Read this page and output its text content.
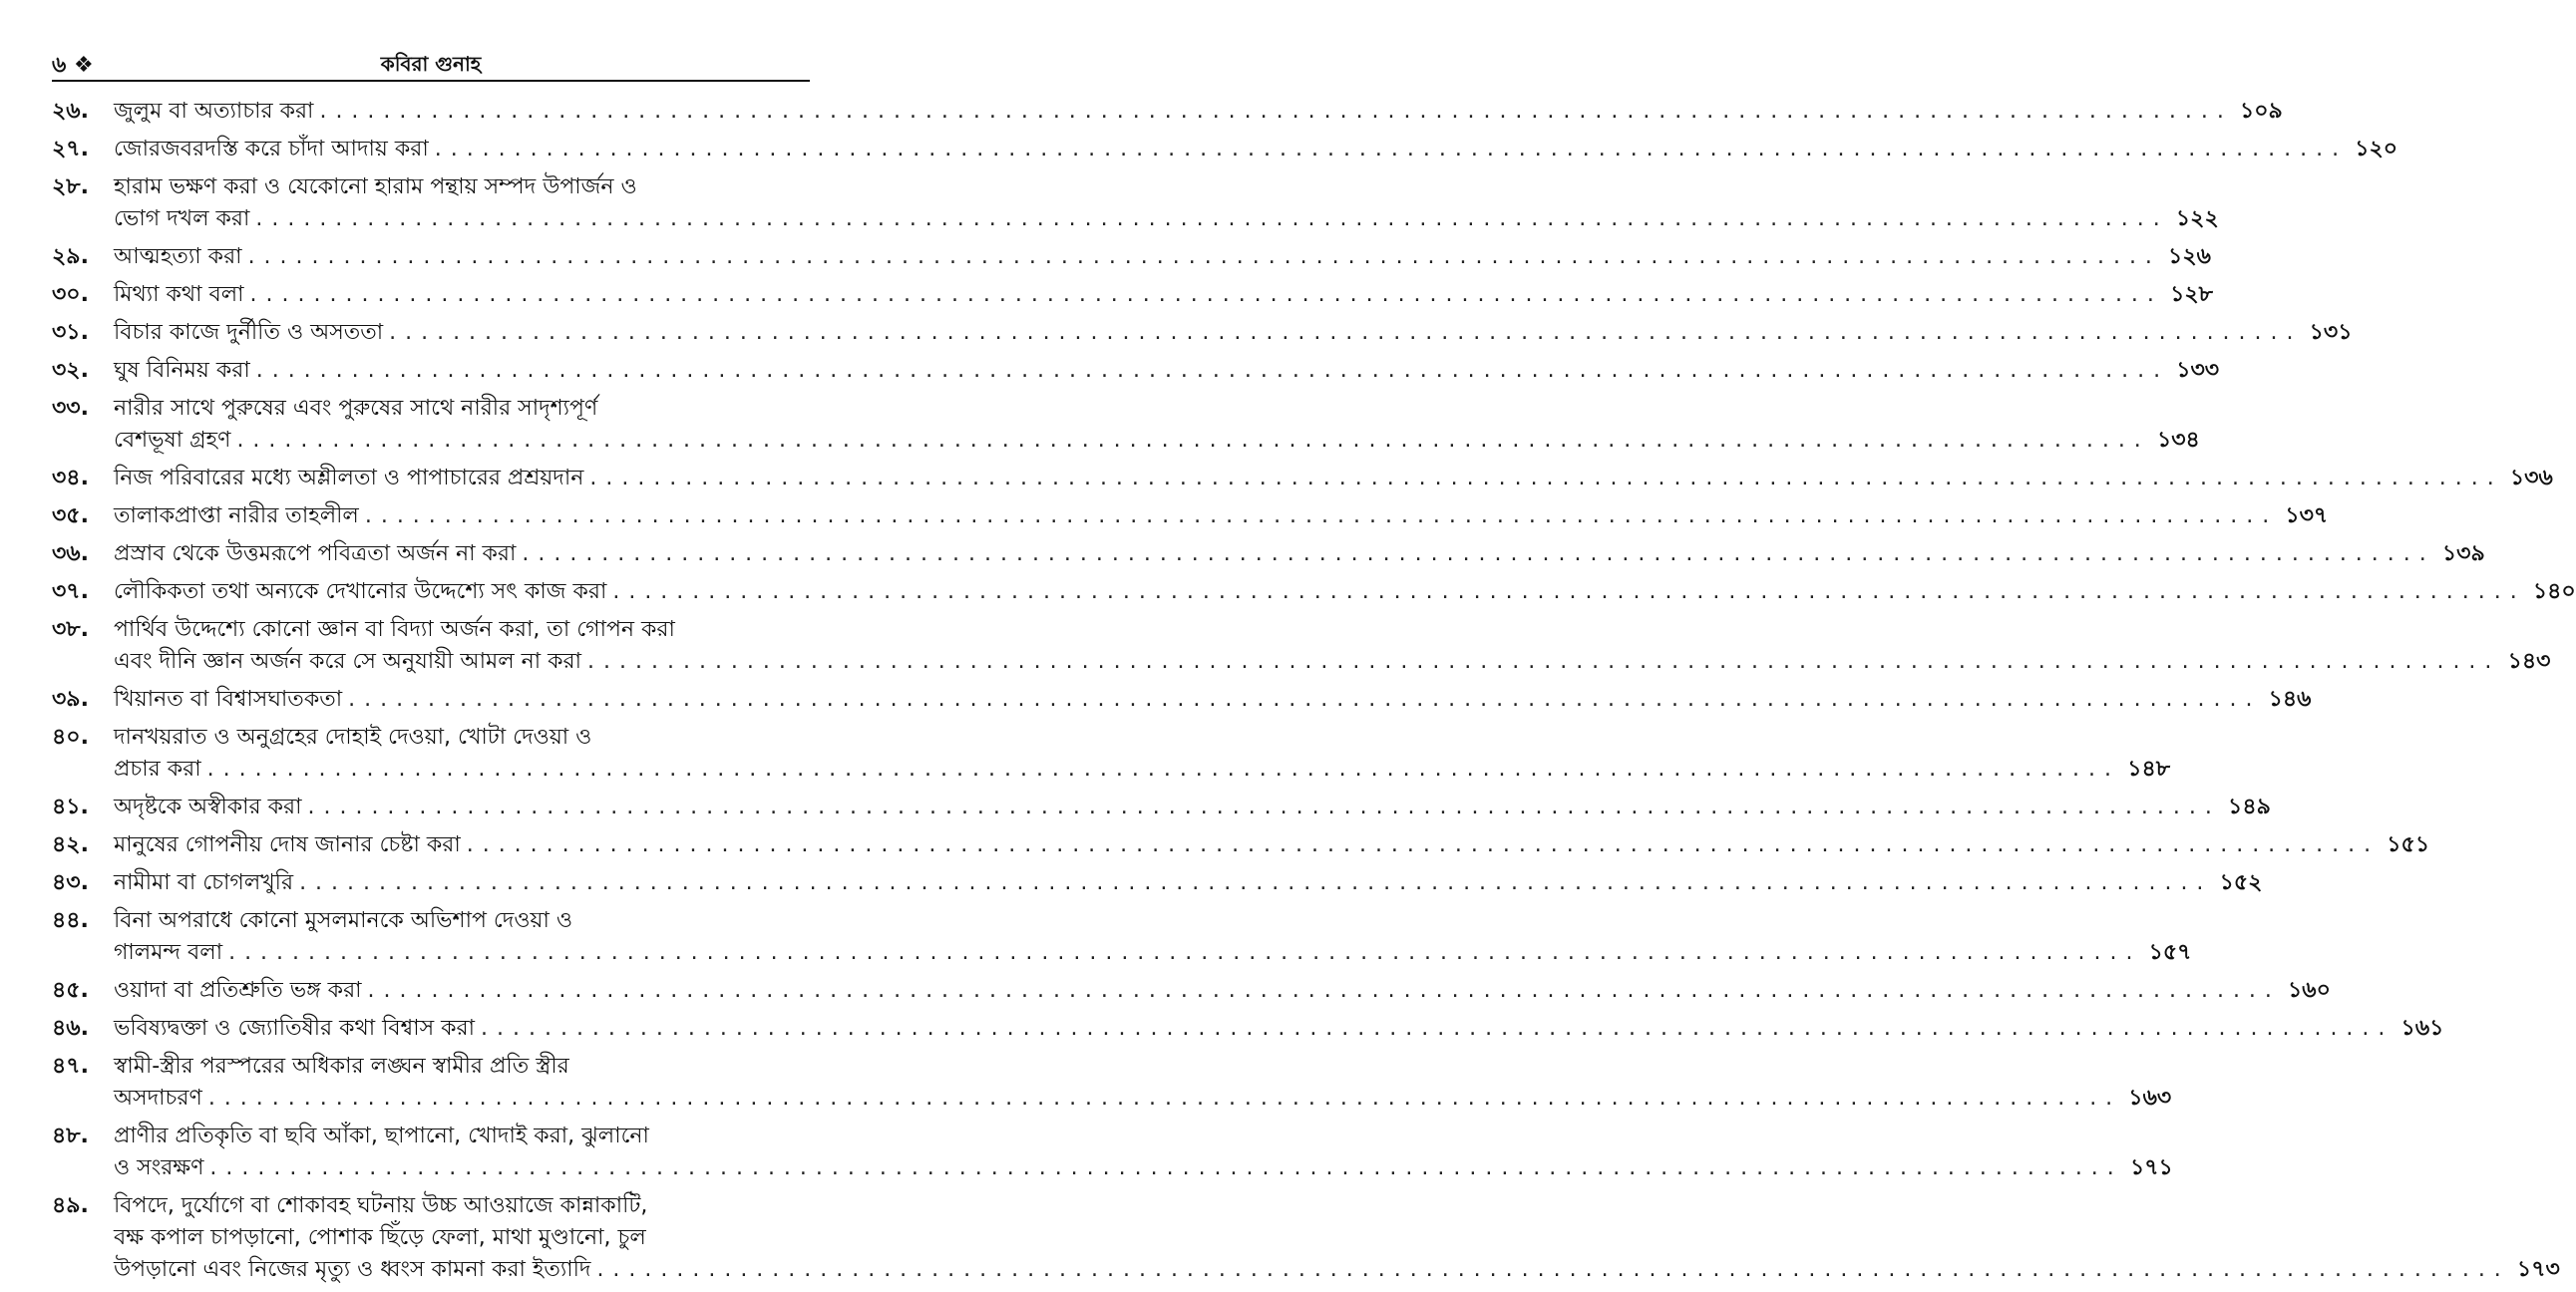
৬ ❖	কবিরা গুনাহ
২৬.	জুলুম বা অত্যাচার করা . . . . . . . . . . . . . . . . . . . . . . . . . . . . . . . . . . . . . . . . . . . . . . . . . . . . . . . . . . . . . . . . . . . . . . . . . . . . . . . . . . . . . . . . . . . . . . . . . . . . . . . . . . . . . . . . . . . . . . . . ১০৯
২৭.	জোরজবরদস্তি করে চাঁদা আদায় করা . . . . . . . . . . . . . . . . . . . . . . . . . . . . . . . . . . . . . . . . . . . . . . . . . . . . . . . . . . . . . . . . . . . . . . . . . . . . . . . . . . . . . . . . . . . . . . . . . . . . . . . . . . . . . . . . . . . . . . . . ১২০
২৮.	হারাম ভক্ষণ করা ও যেকোনো হারাম পন্থায় সম্পদ উপার্জন ও
ভোগ দখল করা . . . . . . . . . . . . . . . . . . . . . . . . . . . . . . . . . . . . . . . . . . . . . . . . . . . . . . . . . . . . . . . . . . . . . . . . . . . . . . . . . . . . . . . . . . . . . . . . . . . . . . . . . . . . . . . . . . . . . . . . ১২২
২৯.	আত্মহত্যা করা . . . . . . . . . . . . . . . . . . . . . . . . . . . . . . . . . . . . . . . . . . . . . . . . . . . . . . . . . . . . . . . . . . . . . . . . . . . . . . . . . . . . . . . . . . . . . . . . . . . . . . . . . . . . . . . . . . . . . . . . ১২৬
৩০.	মিথ্যা কথা বলা . . . . . . . . . . . . . . . . . . . . . . . . . . . . . . . . . . . . . . . . . . . . . . . . . . . . . . . . . . . . . . . . . . . . . . . . . . . . . . . . . . . . . . . . . . . . . . . . . . . . . . . . . . . . . . . . . . . . . . . . ১২৮
৩১.	বিচার কাজে দুর্নীতি ও অসততা . . . . . . . . . . . . . . . . . . . . . . . . . . . . . . . . . . . . . . . . . . . . . . . . . . . . . . . . . . . . . . . . . . . . . . . . . . . . . . . . . . . . . . . . . . . . . . . . . . . . . . . . . . . . . . . . . . . . . . . . ১৩১
৩২.	ঘুষ বিনিময় করা . . . . . . . . . . . . . . . . . . . . . . . . . . . . . . . . . . . . . . . . . . . . . . . . . . . . . . . . . . . . . . . . . . . . . . . . . . . . . . . . . . . . . . . . . . . . . . . . . . . . . . . . . . . . . . . . . . . . . . . . ১৩৩
৩৩.	নারীর সাথে পুরুষের এবং পুরুষের সাথে নারীর সাদৃশ্যপূর্ণ
বেশভূষা গ্রহণ . . . . . . . . . . . . . . . . . . . . . . . . . . . . . . . . . . . . . . . . . . . . . . . . . . . . . . . . . . . . . . . . . . . . . . . . . . . . . . . . . . . . . . . . . . . . . . . . . . . . . . . . . . . . . . . . . . . . . . . . ১৩৪
৩৪.	নিজ পরিবারের মধ্যে অশ্লীলতা ও পাপাচারের প্রশ্রয়দান . . . . . . . . . . . . . . . . . . . . . . . . . . . . . . . . . . . . . . . . . . . . . . . . . . . . . . . . . . . . . . . . . . . . . . . . . . . . . . . . . . . . . . . . . . . . . . . . . . . . . . . . . . . . . . . . . . . . . . . . ১৩৬
৩৫.	তালাকপ্রাপ্তা নারীর তাহলীল . . . . . . . . . . . . . . . . . . . . . . . . . . . . . . . . . . . . . . . . . . . . . . . . . . . . . . . . . . . . . . . . . . . . . . . . . . . . . . . . . . . . . . . . . . . . . . . . . . . . . . . . . . . . . . . . . . . . . . . . ১৩৭
৩৬.	প্রস্রাব থেকে উত্তমরূপে পবিত্রতা অর্জন না করা . . . . . . . . . . . . . . . . . . . . . . . . . . . . . . . . . . . . . . . . . . . . . . . . . . . . . . . . . . . . . . . . . . . . . . . . . . . . . . . . . . . . . . . . . . . . . . . . . . . . . . . . . . . . . . . . . . . . . . . . ১৩৯
৩৭.	লৌকিকতা তথা অন্যকে দেখানোর উদ্দেশ্যে সৎ কাজ করা . . . . . . . . . . . . . . . . . . . . . . . . . . . . . . . . . . . . . . . . . . . . . . . . . . . . . . . . . . . . . . . . . . . . . . . . . . . . . . . . . . . . . . . . . . . . . . . . . . . . . . . . . . . . . . . . . . . . . . . . ১৪০
৩৮.	পার্থিব উদ্দেশ্যে কোনো জ্ঞান বা বিদ্যা অর্জন করা, তা গোপন করা
এবং দীনি জ্ঞান অর্জন করে সে অনুযায়ী আমল না করা . . . . . . . . . . . . . . . . . . . . . . . . . . . . . . . . . . . . . . . . . . . . . . . . . . . . . . . . . . . . . . . . . . . . . . . . . . . . . . . . . . . . . . . . . . . . . . . . . . . . . . . . . . . . . . . . . . . . . . . . ১৪৩
৩৯.	খিয়ানত বা বিশ্বাসঘাতকতা . . . . . . . . . . . . . . . . . . . . . . . . . . . . . . . . . . . . . . . . . . . . . . . . . . . . . . . . . . . . . . . . . . . . . . . . . . . . . . . . . . . . . . . . . . . . . . . . . . . . . . . . . . . . . . . . . . . . . . . . ১৪৬
৪০.	দানখয়রাত ও অনুগ্রহের দোহাই দেওয়া, খোটা দেওয়া ও
প্রচার করা . . . . . . . . . . . . . . . . . . . . . . . . . . . . . . . . . . . . . . . . . . . . . . . . . . . . . . . . . . . . . . . . . . . . . . . . . . . . . . . . . . . . . . . . . . . . . . . . . . . . . . . . . . . . . . . . . . . . . . . . ১৪৮
৪১.	অদৃষ্টকে অস্বীকার করা . . . . . . . . . . . . . . . . . . . . . . . . . . . . . . . . . . . . . . . . . . . . . . . . . . . . . . . . . . . . . . . . . . . . . . . . . . . . . . . . . . . . . . . . . . . . . . . . . . . . . . . . . . . . . . . . . . . . . . . . ১৪৯
৪২.	মানুষের গোপনীয় দোষ জানার চেষ্টা করা . . . . . . . . . . . . . . . . . . . . . . . . . . . . . . . . . . . . . . . . . . . . . . . . . . . . . . . . . . . . . . . . . . . . . . . . . . . . . . . . . . . . . . . . . . . . . . . . . . . . . . . . . . . . . . . . . . . . . . . . ১৫১
৪৩.	নামীমা বা চোগলখুরি . . . . . . . . . . . . . . . . . . . . . . . . . . . . . . . . . . . . . . . . . . . . . . . . . . . . . . . . . . . . . . . . . . . . . . . . . . . . . . . . . . . . . . . . . . . . . . . . . . . . . . . . . . . . . . . . . . . . . . . . ১৫২
৪৪.	বিনা অপরাধে কোনো মুসলমানকে অভিশাপ দেওয়া ও
গালমন্দ বলা . . . . . . . . . . . . . . . . . . . . . . . . . . . . . . . . . . . . . . . . . . . . . . . . . . . . . . . . . . . . . . . . . . . . . . . . . . . . . . . . . . . . . . . . . . . . . . . . . . . . . . . . . . . . . . . . . . . . . . . . ১৫৭
৪৫.	ওয়াদা বা প্রতিশ্রুতি ভঙ্গ করা . . . . . . . . . . . . . . . . . . . . . . . . . . . . . . . . . . . . . . . . . . . . . . . . . . . . . . . . . . . . . . . . . . . . . . . . . . . . . . . . . . . . . . . . . . . . . . . . . . . . . . . . . . . . . . . . . . . . . . . . ১৬০
৪৬.	ভবিষ্যদ্বক্তা ও জ্যোতিষীর কথা বিশ্বাস করা . . . . . . . . . . . . . . . . . . . . . . . . . . . . . . . . . . . . . . . . . . . . . . . . . . . . . . . . . . . . . . . . . . . . . . . . . . . . . . . . . . . . . . . . . . . . . . . . . . . . . . . . . . . . . . . . . . . . . . . . ১৬১
৪৭.	স্বামী-স্ত্রীর পরস্পরের অধিকার লঙ্ঘন স্বামীর প্রতি স্ত্রীর
অসদাচরণ . . . . . . . . . . . . . . . . . . . . . . . . . . . . . . . . . . . . . . . . . . . . . . . . . . . . . . . . . . . . . . . . . . . . . . . . . . . . . . . . . . . . . . . . . . . . . . . . . . . . . . . . . . . . . . . . . . . . . . . . ১৬৩
৪৮.	প্রাণীর প্রতিকৃতি বা ছবি আঁকা, ছাপানো, খোদাই করা, ঝুলানো
ও সংরক্ষণ . . . . . . . . . . . . . . . . . . . . . . . . . . . . . . . . . . . . . . . . . . . . . . . . . . . . . . . . . . . . . . . . . . . . . . . . . . . . . . . . . . . . . . . . . . . . . . . . . . . . . . . . . . . . . . . . . . . . . . . . ১৭১
৪৯.	বিপদে, দুর্যোগে বা শোকাবহ ঘটনায় উচ্চ আওয়াজে কান্নাকাটি,
বক্ষ কপাল চাপড়ানো, পোশাক ছিঁড়ে ফেলা, মাথা মুণ্ডানো, চুল
উপড়ানো এবং নিজের মৃত্যু ও ধ্বংস কামনা করা ইত্যাদি . . . . . . . . . . . . . . . . . . . . . . . . . . . . . . . . . . . . . . . . . . . . . . . . . . . . . . . . . . . . . . . . . . . . . . . . . . . . . . . . . . . . . . . . . . . . . . . . . . . . . . . . . . . . . . . . . . . . . . . . ১৭৩
